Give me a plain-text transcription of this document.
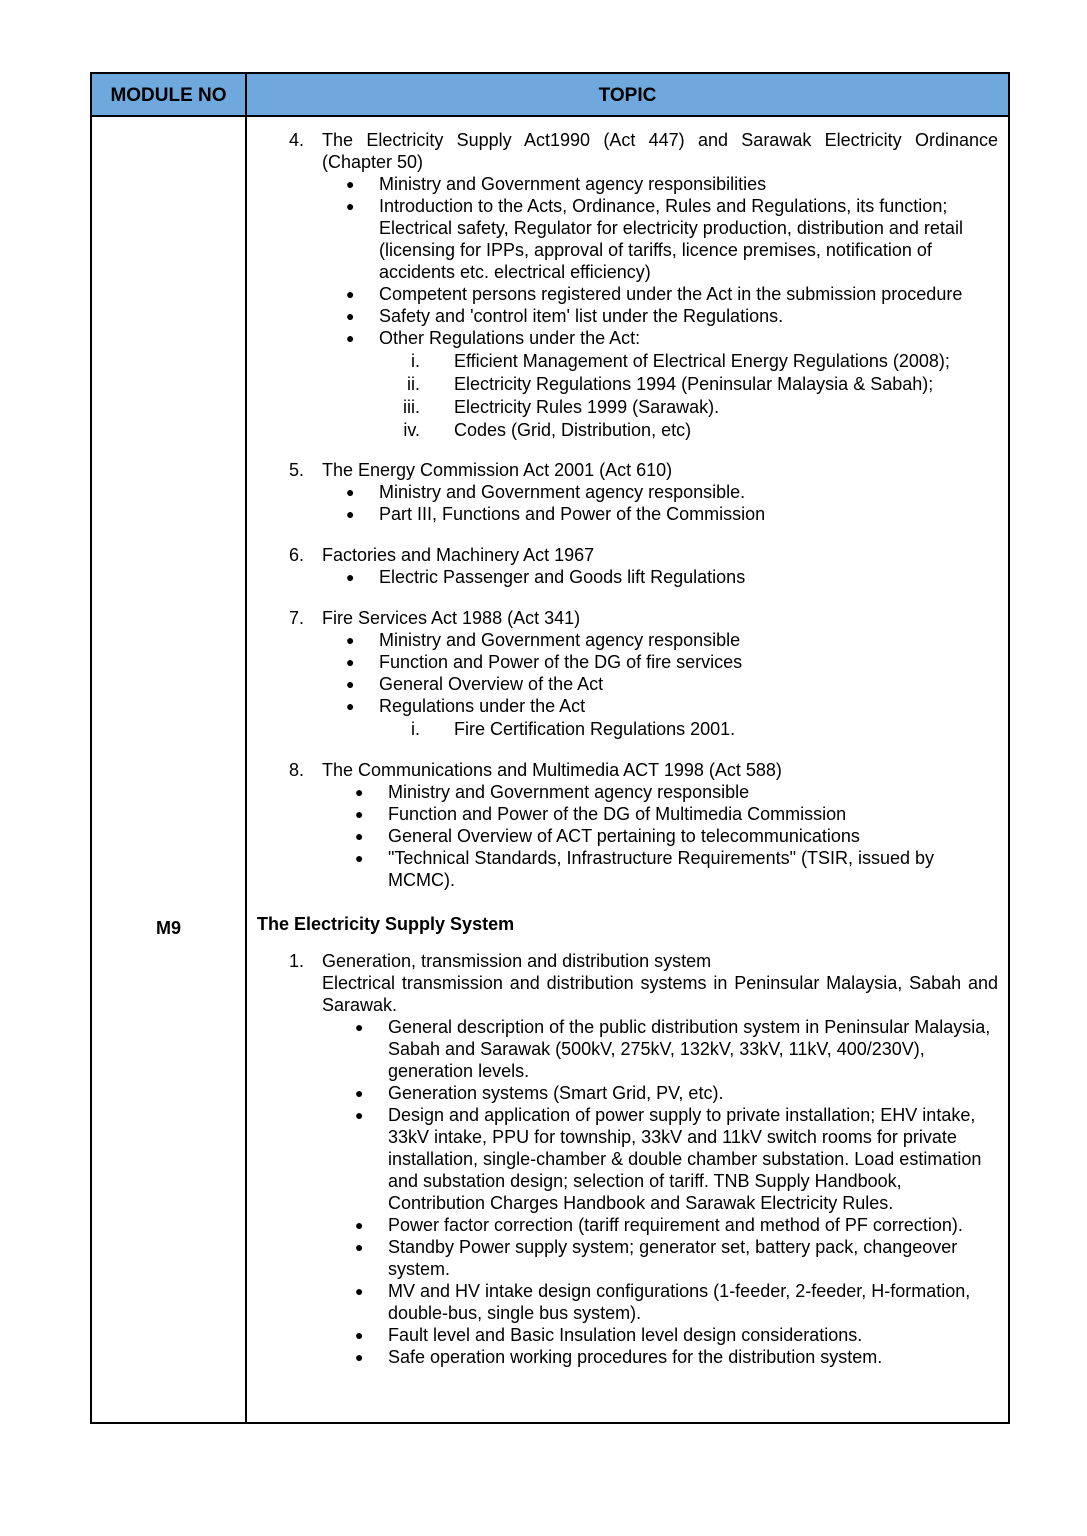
MODULE NO	TOPIC
M9
4. The Electricity Supply Act1990 (Act 447) and Sarawak Electricity Ordinance (Chapter 50)
● Ministry and Government agency responsibilities
● Introduction to the Acts, Ordinance, Rules and Regulations, its function; Electrical safety, Regulator for electricity production, distribution and retail (licensing for IPPs, approval of tariffs, licence premises, notification of accidents etc. electrical efficiency)
● Competent persons registered under the Act in the submission procedure
● Safety and 'control item' list under the Regulations.
● Other Regulations under the Act:
i. Efficient Management of Electrical Energy Regulations (2008);
ii. Electricity Regulations 1994 (Peninsular Malaysia & Sabah);
iii. Electricity Rules 1999 (Sarawak).
iv. Codes (Grid, Distribution, etc)
5. The Energy Commission Act 2001 (Act 610)
● Ministry and Government agency responsible.
● Part III, Functions and Power of the Commission
6. Factories and Machinery Act 1967
● Electric Passenger and Goods lift Regulations
7. Fire Services Act 1988 (Act 341)
● Ministry and Government agency responsible
● Function and Power of the DG of fire services
● General Overview of the Act
● Regulations under the Act
i. Fire Certification Regulations 2001.
8. The Communications and Multimedia ACT 1998 (Act 588)
● Ministry and Government agency responsible
● Function and Power of the DG of Multimedia Commission
● General Overview of ACT pertaining to telecommunications
● "Technical Standards, Infrastructure Requirements" (TSIR, issued by MCMC).
The Electricity Supply System
1. Generation, transmission and distribution system
Electrical transmission and distribution systems in Peninsular Malaysia, Sabah and Sarawak.
● General description of the public distribution system in Peninsular Malaysia, Sabah and Sarawak (500kV, 275kV, 132kV, 33kV, 11kV, 400/230V), generation levels.
● Generation systems (Smart Grid, PV, etc).
● Design and application of power supply to private installation; EHV intake, 33kV intake, PPU for township, 33kV and 11kV switch rooms for private installation, single-chamber & double chamber substation. Load estimation and substation design; selection of tariff. TNB Supply Handbook, Contribution Charges Handbook and Sarawak Electricity Rules.
● Power factor correction (tariff requirement and method of PF correction).
● Standby Power supply system; generator set, battery pack, changeover system.
● MV and HV intake design configurations (1-feeder, 2-feeder, H-formation, double-bus, single bus system).
● Fault level and Basic Insulation level design considerations.
● Safe operation working procedures for the distribution system.
